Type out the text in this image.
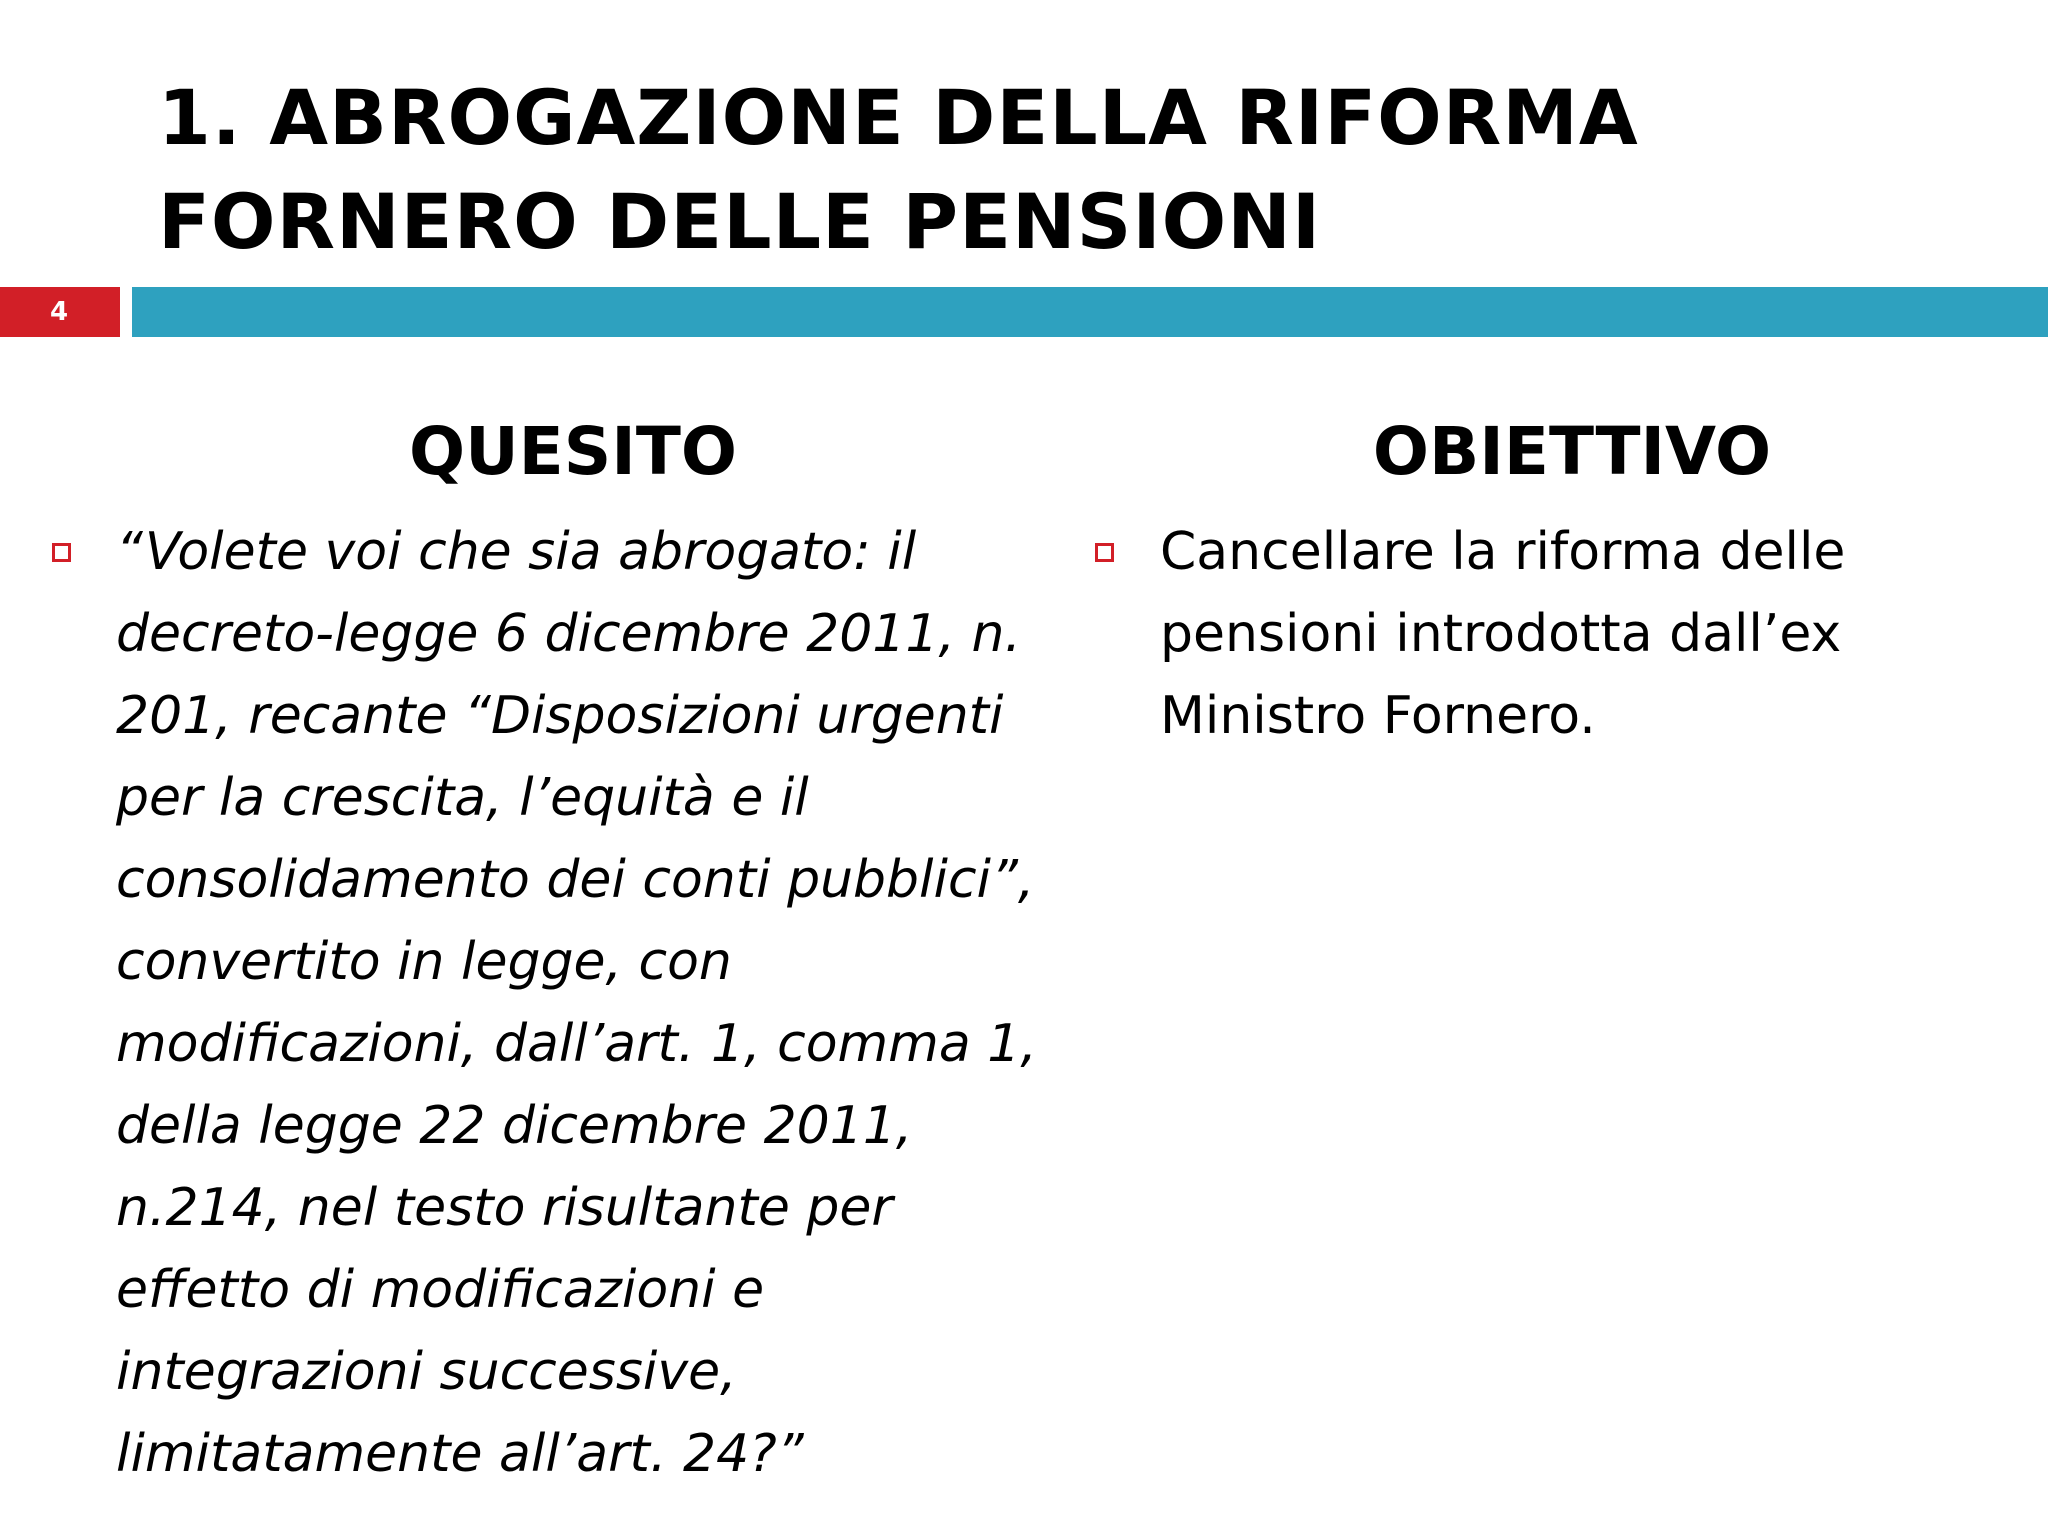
1. ABROGAZIONE DELLA RIFORMA FORNERO DELLE PENSIONI
4
QUESITO	OBIETTIVO

“Volete voi che sia abrogato: il decreto-legge 6 dicembre 2011, n. 201, recante “Disposizioni urgenti per la crescita, l’equità e il consolidamento dei conti pubblici”, convertito in legge, con modificazioni, dall’art. 1, comma 1, della legge 22 dicembre 2011, n.214, nel testo risultante per effetto di modificazioni e integrazioni successive, limitatamente all’art. 24?”

Cancellare la riforma delle pensioni introdotta dall’ex Ministro Fornero.
